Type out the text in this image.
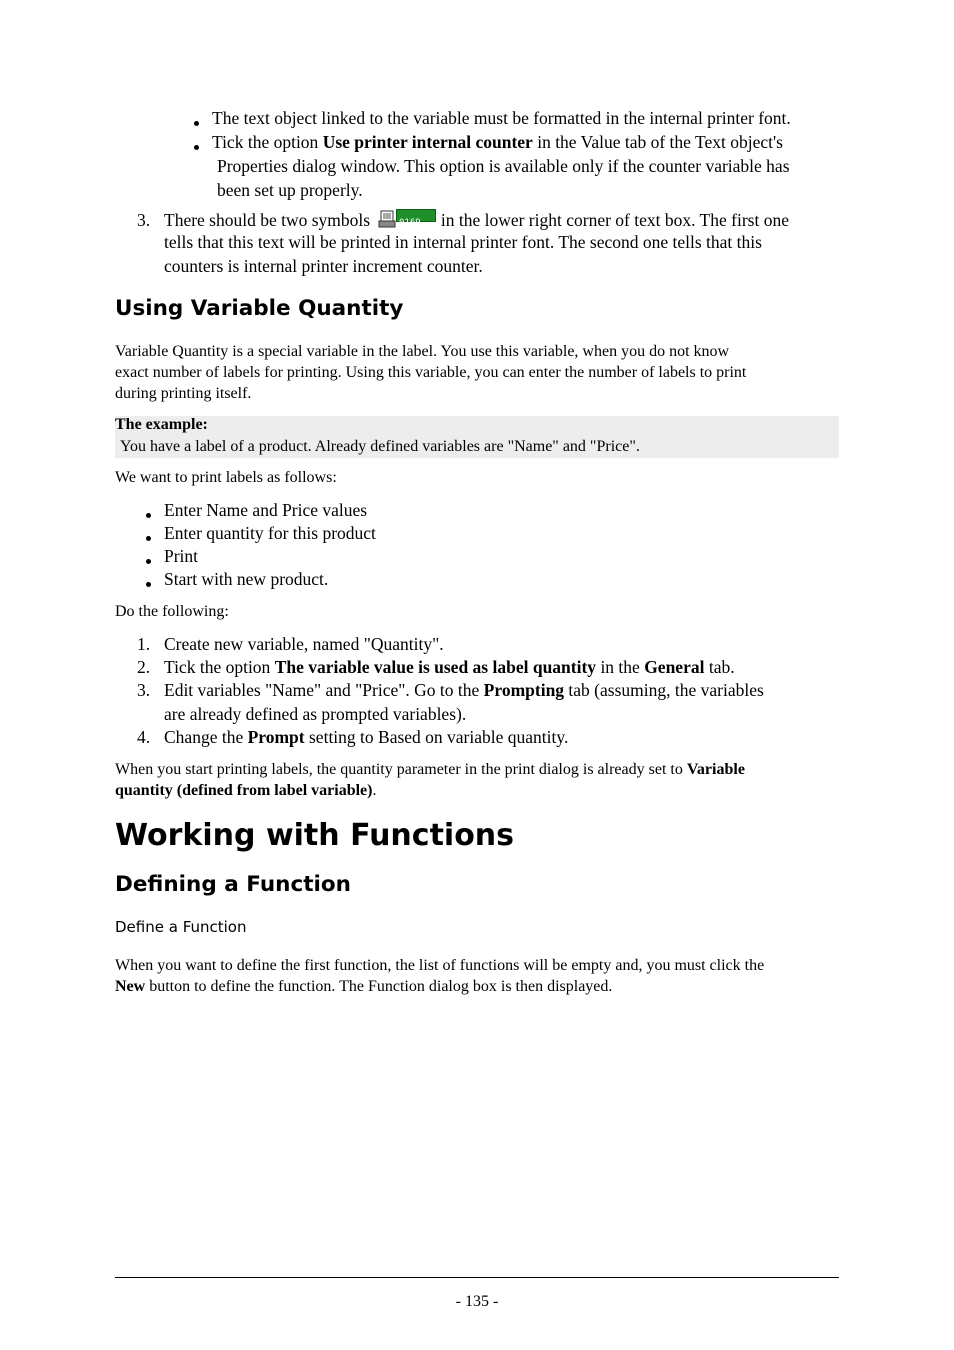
The text object linked to the variable must be formatted in the internal printer font.
Tick the option Use printer internal counter in the Value tab of the Text object's
Properties dialog window. This option is available only if the counter variable has
been set up properly.
3. There should be two symbols	0169 in the lower right corner of text box. The first one
tells that this text will be printed in internal printer font. The second one tells that this
counters is internal printer increment counter.
Using Variable Quantity
Variable Quantity is a special variable in the label. You use this variable, when you do not know
exact number of labels for printing. Using this variable, you can enter the number of labels to print
during printing itself.
The example:
You have a label of a product. Already defined variables are "Name" and "Price".
We want to print labels as follows:
Enter Name and Price values
Enter quantity for this product
Print
Start with new product.
Do the following:
1. Create new variable, named "Quantity".
2. Tick the option The variable value is used as label quantity in the General tab.
3. Edit variables "Name" and "Price". Go to the Prompting tab (assuming, the variables
are already defined as prompted variables).
4. Change the Prompt setting to Based on variable quantity.
When you start printing labels, the quantity parameter in the print dialog is already set to Variable
quantity (defined from label variable).
Working with Functions
Defining a Function
Define a Function
When you want to define the first function, the list of functions will be empty and, you must click the
New button to define the function. The Function dialog box is then displayed.
- 135 -
